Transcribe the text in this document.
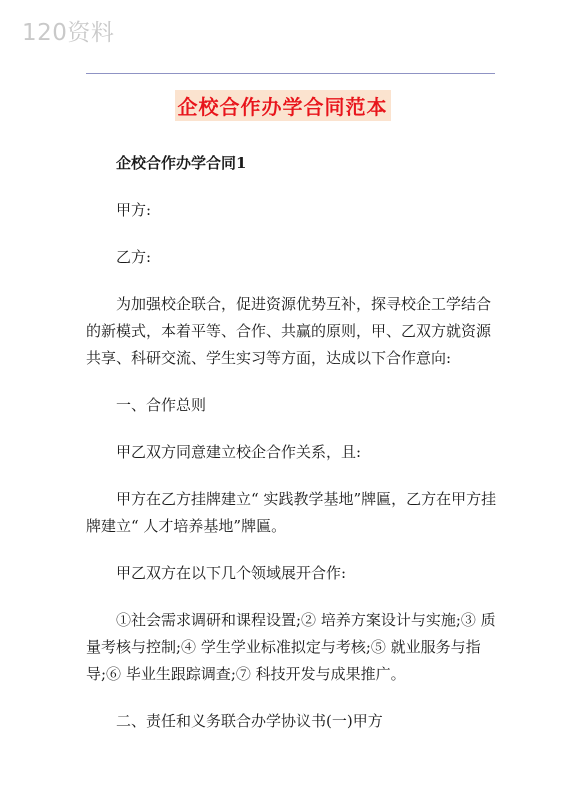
120资料
企校合作办学合同范本

企校合作办学合同1

甲方:

乙方:

为加强校企联合，促进资源优势互补，探寻校企工学结合的新模式，本着平等、合作、共赢的原则，甲、乙双方就资源共享、科研交流、学生实习等方面，达成以下合作意向:

一、合作总则

甲乙双方同意建立校企合作关系，且:

甲方在乙方挂牌建立“ 实践教学基地”牌匾，乙方在甲方挂牌建立“ 人才培养基地”牌匾。

甲乙双方在以下几个领域展开合作:

①社会需求调研和课程设置;② 培养方案设计与实施;③ 质量考核与控制;④ 学生学业标准拟定与考核;⑤ 就业服务与指导;⑥ 毕业生跟踪调查;⑦ 科技开发与成果推广。

二、责任和义务联合办学协议书(一)甲方
